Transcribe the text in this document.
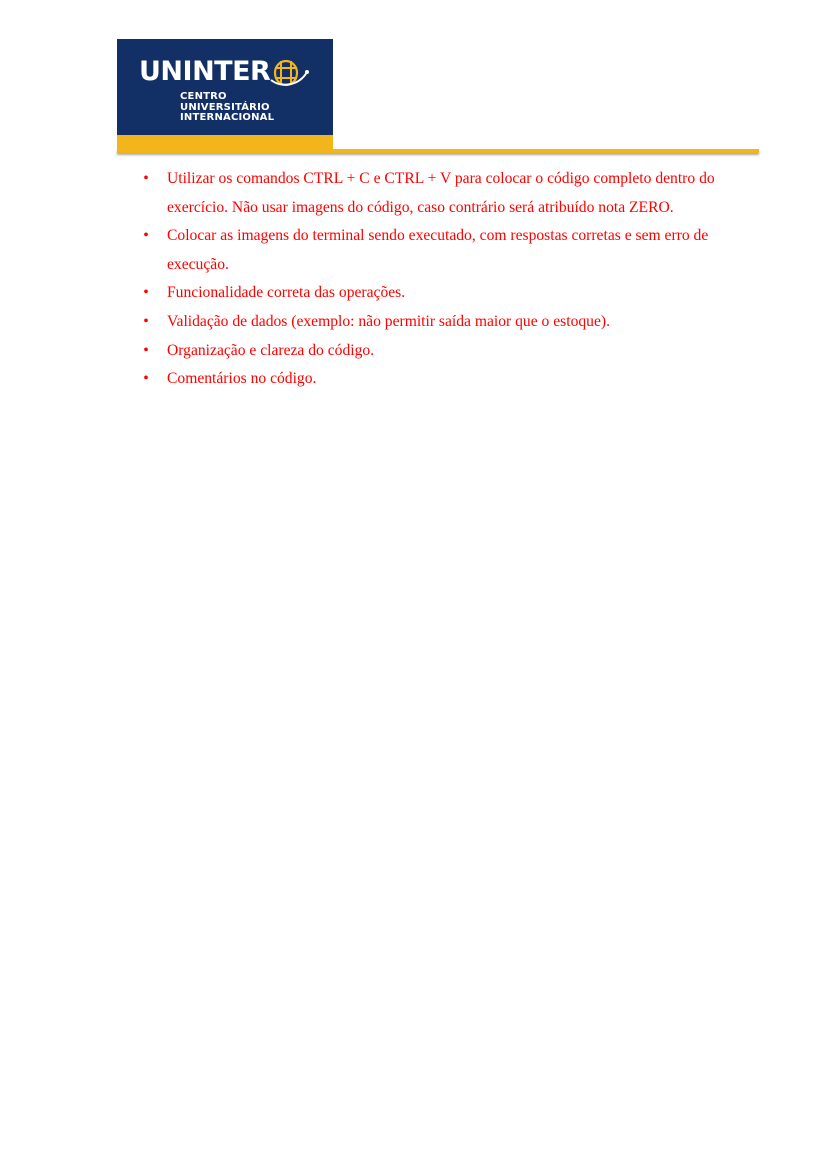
UNINTER
CENTRO
UNIVERSITÁRIO
INTERNACIONAL
• Utilizar os comandos CTRL + C e CTRL + V para colocar o código completo dentro do exercício. Não usar imagens do código, caso contrário será atribuído nota ZERO.
• Colocar as imagens do terminal sendo executado, com respostas corretas e sem erro de execução.
• Funcionalidade correta das operações.
• Validação de dados (exemplo: não permitir saída maior que o estoque).
• Organização e clareza do código.
• Comentários no código.
